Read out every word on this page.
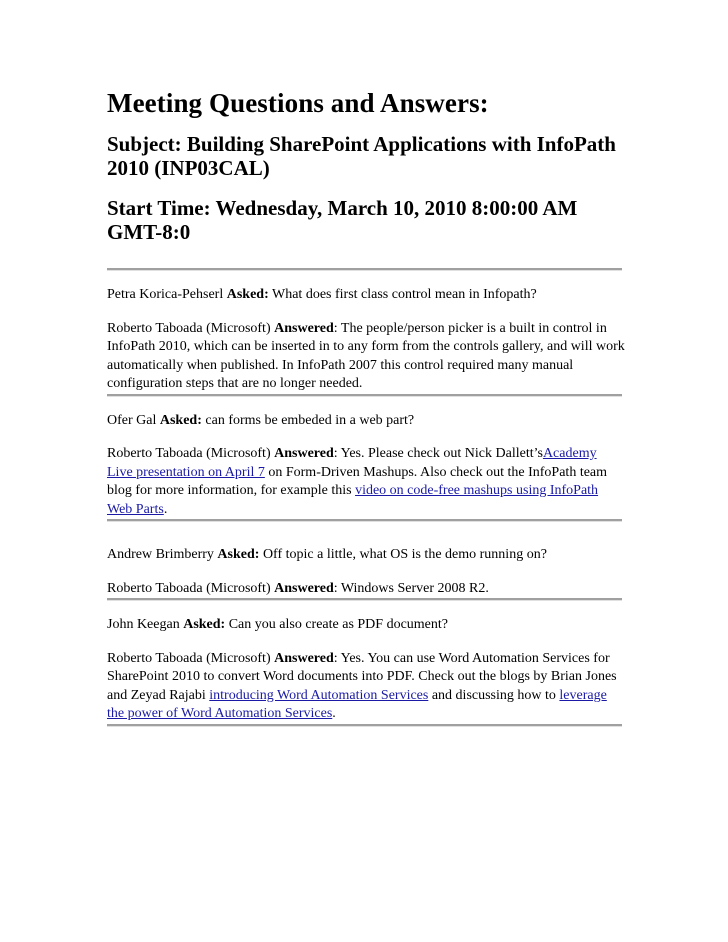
Meeting Questions and Answers:
Subject: Building SharePoint Applications with InfoPath 2010 (INP03CAL)
Start Time: Wednesday, March 10, 2010 8:00:00 AM GMT-8:0

Petra Korica-Pehserl Asked: What does first class control mean in Infopath?

Roberto Taboada (Microsoft) Answered: The people/person picker is a built in control in InfoPath 2010, which can be inserted in to any form from the controls gallery, and will work automatically when published. In InfoPath 2007 this control required many manual configuration steps that are no longer needed.

Ofer Gal Asked: can forms be embeded in a web part?

Roberto Taboada (Microsoft) Answered: Yes. Please check out Nick Dallett’sAcademy Live presentation on April 7 on Form-Driven Mashups. Also check out the InfoPath team blog for more information, for example this video on code-free mashups using InfoPath Web Parts.

Andrew Brimberry Asked: Off topic a little, what OS is the demo running on?

Roberto Taboada (Microsoft) Answered: Windows Server 2008 R2.

John Keegan Asked: Can you also create as PDF document?

Roberto Taboada (Microsoft) Answered: Yes. You can use Word Automation Services for SharePoint 2010 to convert Word documents into PDF. Check out the blogs by Brian Jones and Zeyad Rajabi introducing Word Automation Services and discussing how to leverage the power of Word Automation Services.
